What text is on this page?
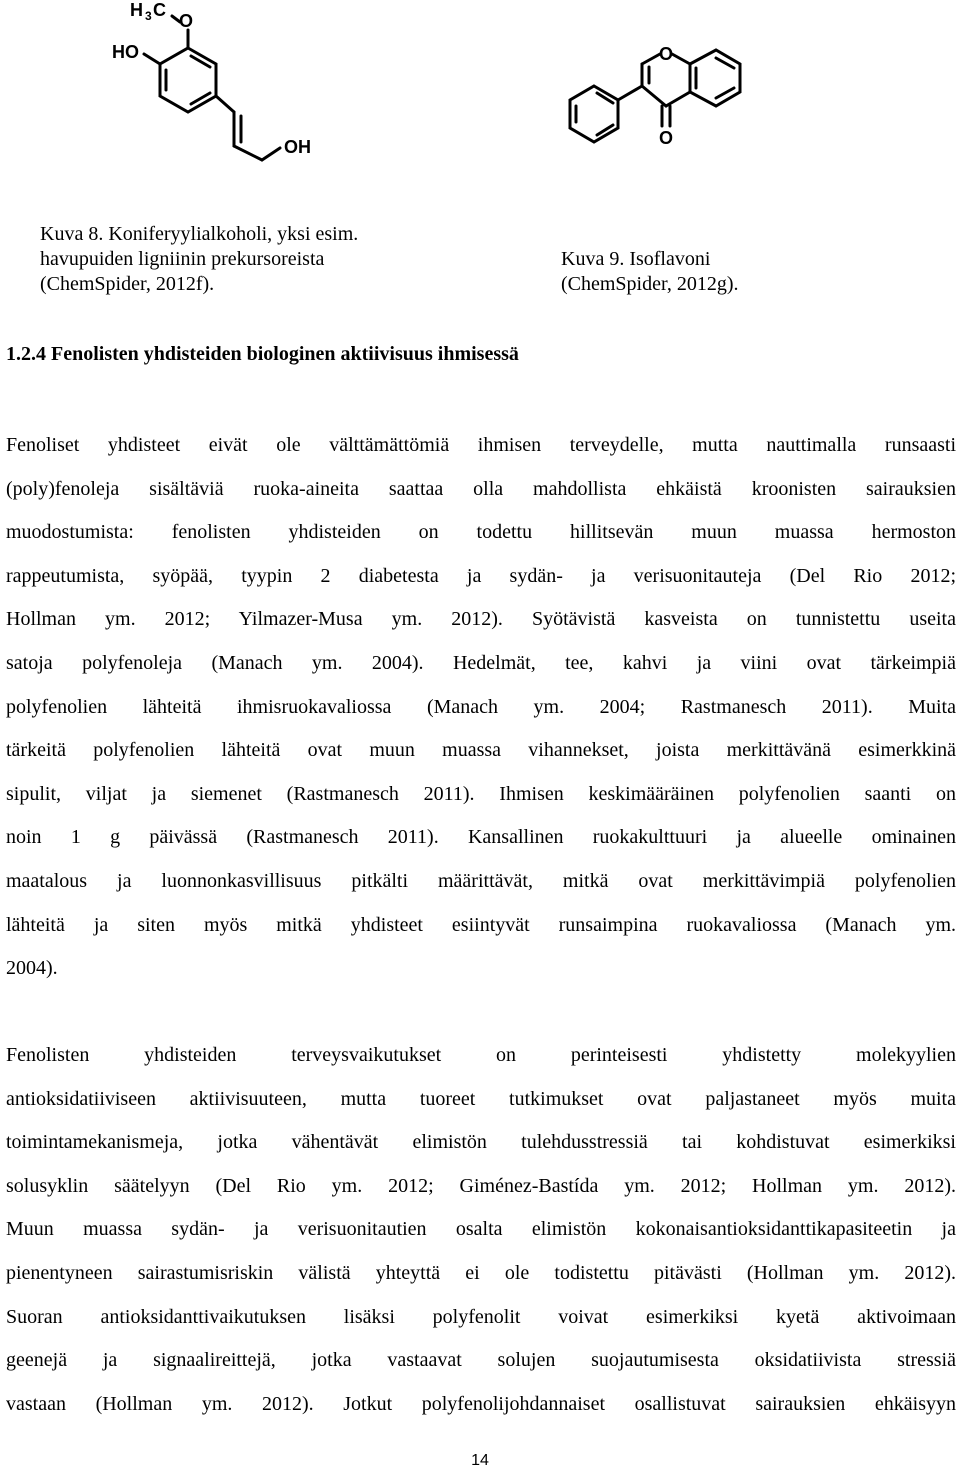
H 3 C
O
HO
OH
O
O
Kuva 8. Koniferyylialkoholi, yksi esim.
havupuiden ligniinin prekursoreista
(ChemSpider, 2012f).
Kuva 9. Isoflavoni
(ChemSpider, 2012g).
1.2.4 Fenolisten yhdisteiden biologinen aktiivisuus ihmisessä
Fenoliset yhdisteet eivät ole välttämättömiä ihmisen terveydelle, mutta nauttimalla runsaasti
(poly)fenoleja sisältäviä ruoka-aineita saattaa olla mahdollista ehkäistä kroonisten sairauksien
muodostumista: fenolisten yhdisteiden on todettu hillitsevän muun muassa hermoston
rappeutumista, syöpää, tyypin 2 diabetesta ja sydän- ja verisuonitauteja (Del Rio 2012;
Hollman ym. 2012; Yilmazer-Musa ym. 2012). Syötävistä kasveista on tunnistettu useita
satoja polyfenoleja (Manach ym. 2004). Hedelmät, tee, kahvi ja viini ovat tärkeimpiä
polyfenolien lähteitä ihmisruokavaliossa (Manach ym. 2004; Rastmanesch 2011). Muita
tärkeitä polyfenolien lähteitä ovat muun muassa vihannekset, joista merkittävänä esimerkkinä
sipulit, viljat ja siemenet (Rastmanesch 2011). Ihmisen keskimääräinen polyfenolien saanti on
noin 1 g päivässä (Rastmanesch 2011). Kansallinen ruokakulttuuri ja alueelle ominainen
maatalous ja luonnonkasvillisuus pitkälti määrittävät, mitkä ovat merkittävimpiä polyfenolien
lähteitä ja siten myös mitkä yhdisteet esiintyvät runsaimpina ruokavaliossa (Manach ym.
2004).
Fenolisten yhdisteiden terveysvaikutukset on perinteisesti yhdistetty molekyylien
antioksidatiiviseen aktiivisuuteen, mutta tuoreet tutkimukset ovat paljastaneet myös muita
toimintamekanismeja, jotka vähentävät elimistön tulehdusstressiä tai kohdistuvat esimerkiksi
solusyklin säätelyyn (Del Rio ym. 2012; Giménez-Bastída ym. 2012; Hollman ym. 2012).
Muun muassa sydän- ja verisuonitautien osalta elimistön kokonaisantioksidanttikapasiteetin ja
pienentyneen sairastumisriskin välistä yhteyttä ei ole todistettu pitävästi (Hollman ym. 2012).
Suoran antioksidanttivaikutuksen lisäksi polyfenolit voivat esimerkiksi kyetä aktivoimaan
geenejä ja signaalireittejä, jotka vastaavat solujen suojautumisesta oksidatiivista stressiä
vastaan (Hollman ym. 2012). Jotkut polyfenolijohdannaiset osallistuvat sairauksien ehkäisyyn
14
